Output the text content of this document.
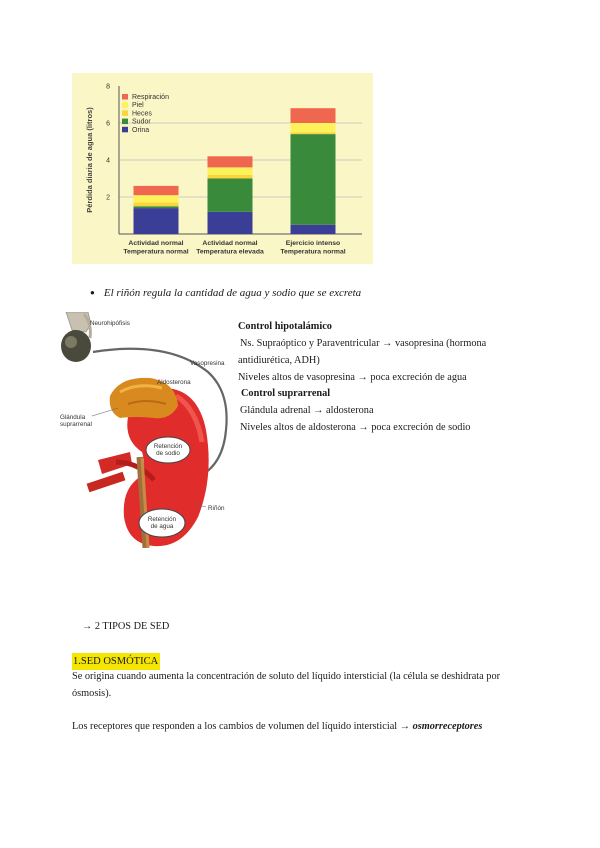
2
4
6
8
Pérdida diaria de agua (litros)
Actividad normal
Temperatura normal
Actividad normal
Temperatura elevada
Ejercicio intenso
Temperatura normal
Respiración
Piel
Heces
Sudor
Orina
● El riñón regula la cantidad de agua y sodio que se excreta
Neurohipófisis
Vasopresina
Aldosterona
Glándula
suprarrenal
Retención
de sodio
Riñón
Retención
de agua
Control hipotalámico
Ns. Supraóptico y Paraventricular → vasopresina (hormona
antidiurética, ADH)
Niveles altos de vasopresina → poca excreción de agua
Control suprarrenal
Glándula adrenal → aldosterona
Niveles altos de aldosterona → poca excreción de sodio
→ 2 TIPOS DE SED
1.SED OSMÓTICA
Se origina cuando aumenta la concentración de soluto del líquido intersticial (la célula se deshidrata por
ósmosis).
Los receptores que responden a los cambios de volumen del líquido intersticial → osmorreceptores
